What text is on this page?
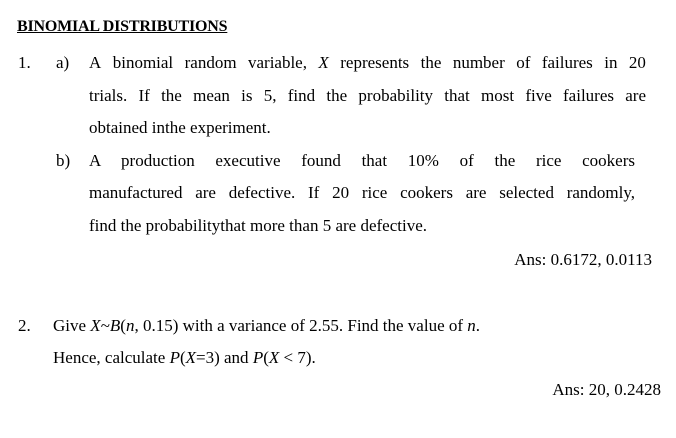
BINOMIAL DISTRIBUTIONS
1. a) A binomial random variable, X represents the number of failures in 20
trials. If the mean is 5, find the probability that most five failures are
obtained inthe experiment.
b) A production executive found that 10% of the rice cookers
manufactured are defective. If 20 rice cookers are selected randomly,
find the probabilitythat more than 5 are defective.
Ans: 0.6172, 0.0113
2. Give X~B(n, 0.15) with a variance of 2.55. Find the value of n.
Hence, calculate P(X=3) and P(X < 7).
Ans: 20, 0.2428
